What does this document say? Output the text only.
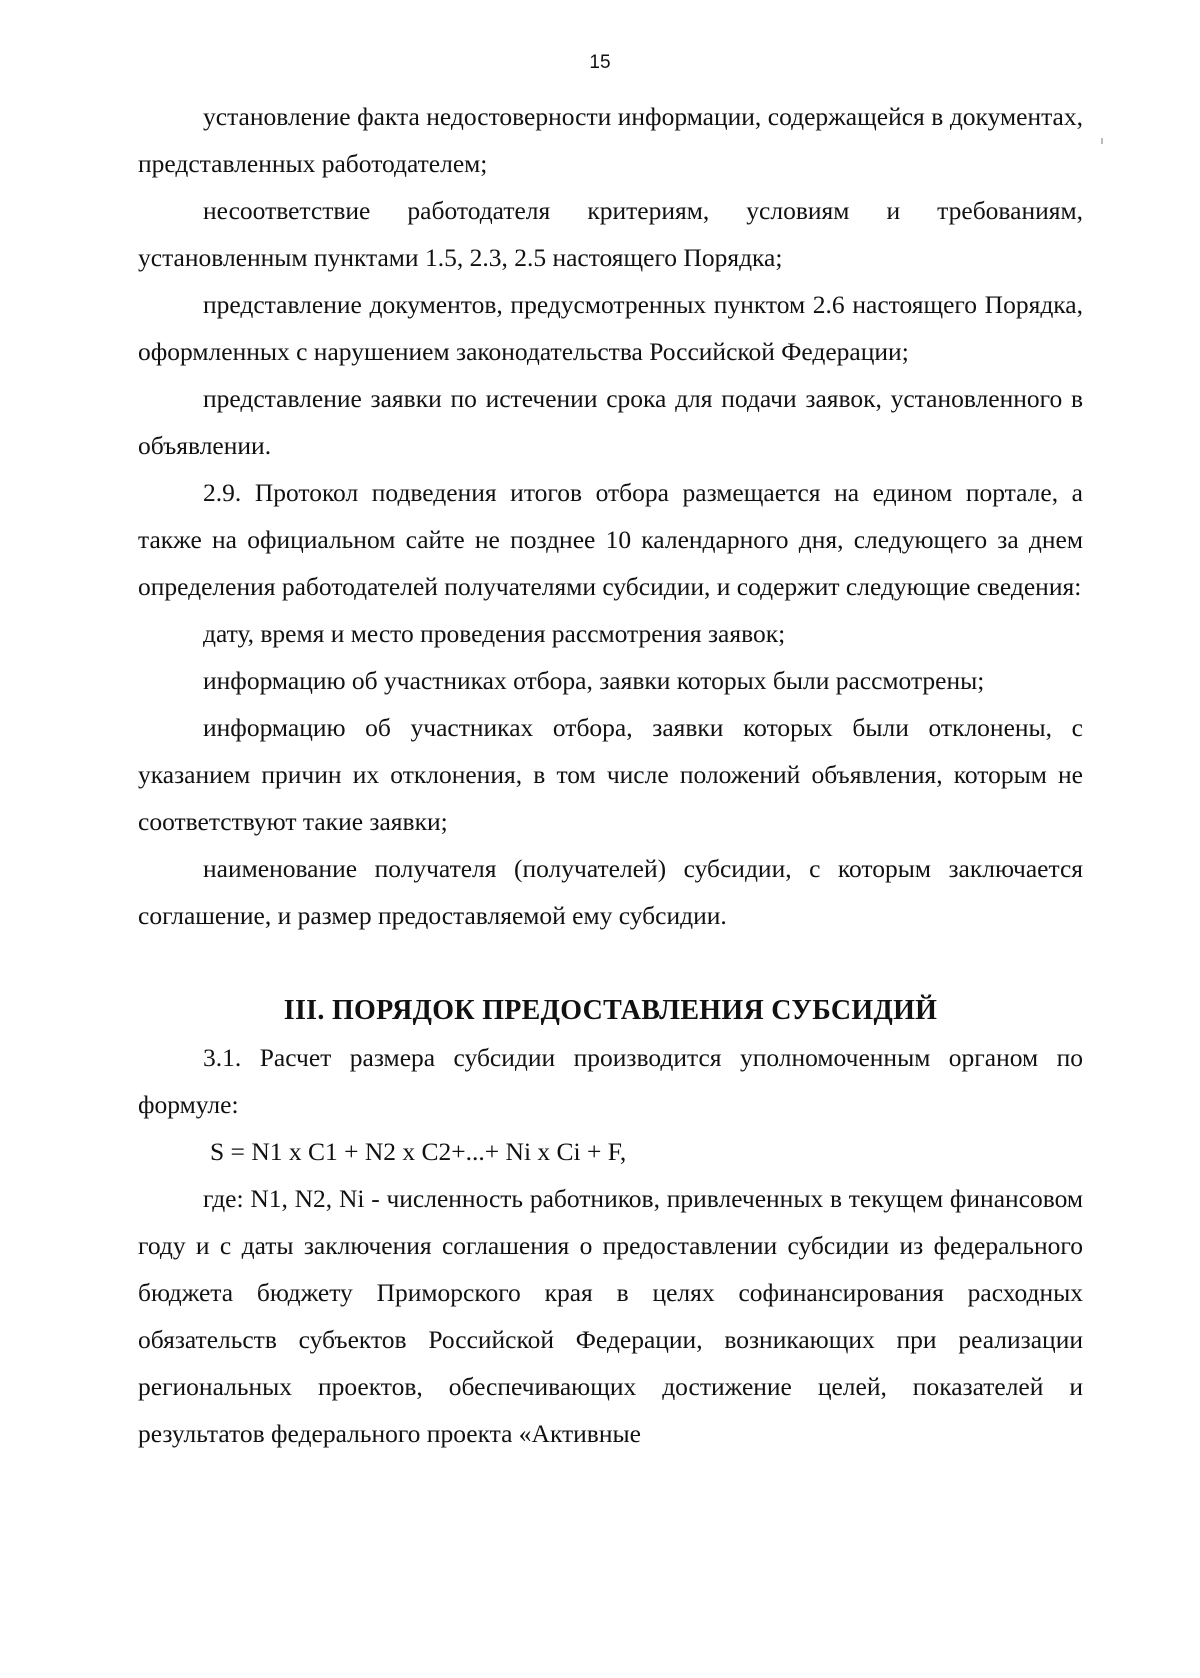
15

установление факта недостоверности информации, содержащейся в документах, представленных работодателем;

несоответствие работодателя критериям, условиям и требованиям, установленным пунктами 1.5, 2.3, 2.5 настоящего Порядка;

представление документов, предусмотренных пунктом 2.6 настоящего Порядка, оформленных с нарушением законодательства Российской Федерации;

представление заявки по истечении срока для подачи заявок, установленного в объявлении.

2.9. Протокол подведения итогов отбора размещается на едином портале, а также на официальном сайте не позднее 10 календарного дня, следующего за днем определения работодателей получателями субсидии, и содержит следующие сведения:

дату, время и место проведения рассмотрения заявок;

информацию об участниках отбора, заявки которых были рассмотрены;

информацию об участниках отбора, заявки которых были отклонены, с указанием причин их отклонения, в том числе положений объявления, которым не соответствуют такие заявки;

наименование получателя (получателей) субсидии, с которым заключается соглашение, и размер предоставляемой ему субсидии.

III. ПОРЯДОК ПРЕДОСТАВЛЕНИЯ СУБСИДИЙ

3.1. Расчет размера субсидии производится уполномоченным органом по формуле:

S = N1 x C1 + N2 x C2+...+ Ni x Ci + F,

где: N1, N2, Ni - численность работников, привлеченных в текущем финансовом году и с даты заключения соглашения о предоставлении субсидии из федерального бюджета бюджету Приморского края в целях софинансирования расходных обязательств субъектов Российской Федерации, возникающих при реализации региональных проектов, обеспечивающих достижение целей, показателей и результатов федерального проекта «Активные
